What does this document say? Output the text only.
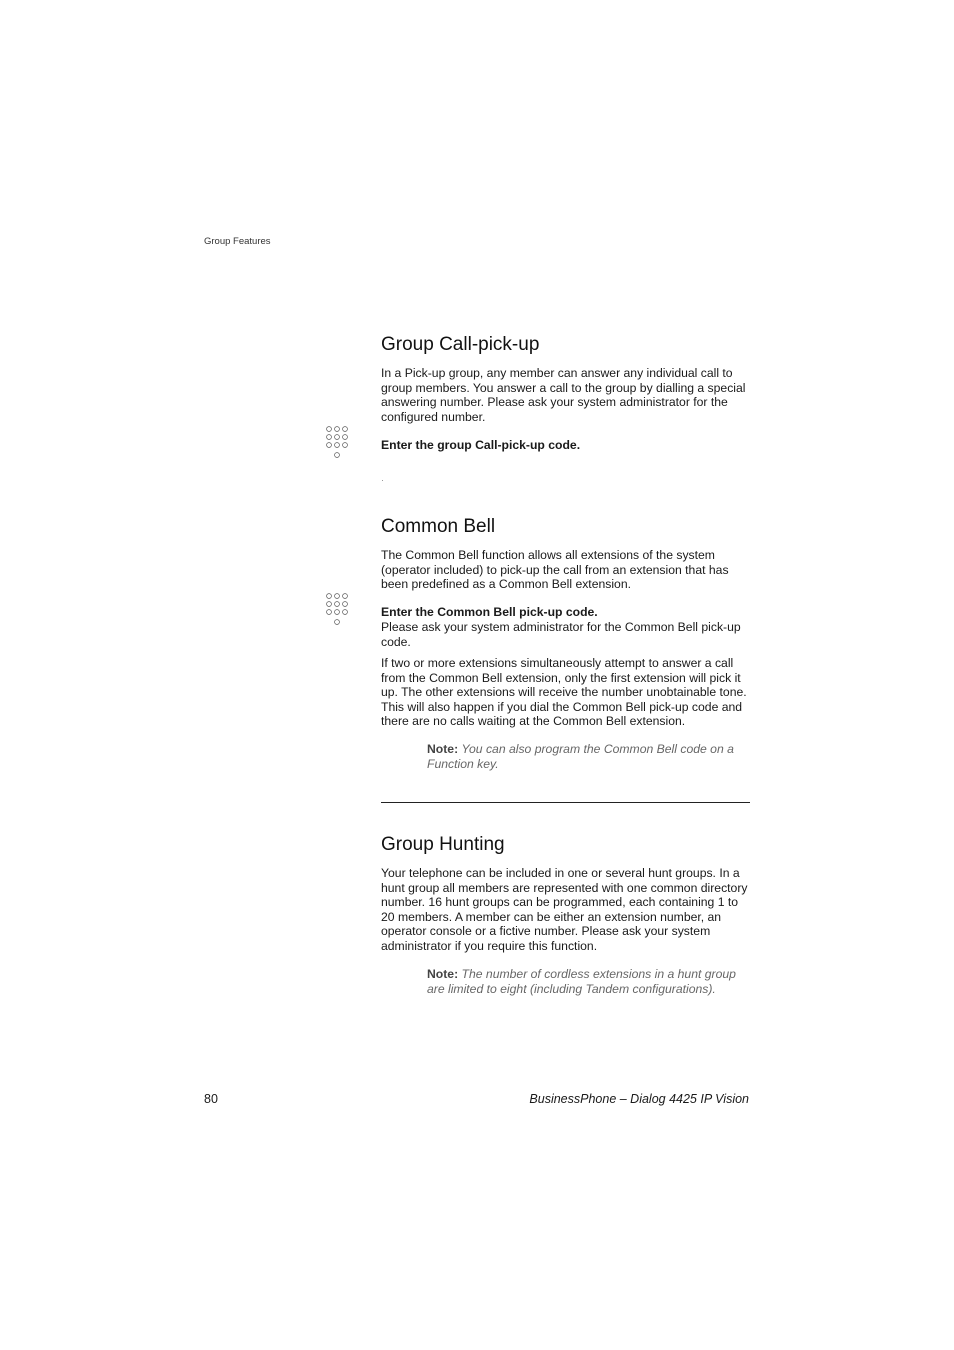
Group Features
Group Call-pick-up

In a Pick-up group, any member can answer any individual call to group members. You answer a call to the group by dialling a special answering number. Please ask your system administrator for the configured number.

Enter the group Call-pick-up code.

Common Bell

The Common Bell function allows all extensions of the system (operator included) to pick-up the call from an extension that has been predefined as a Common Bell extension.

Enter the Common Bell pick-up code.

Please ask your system administrator for the Common Bell pick-up code.

If two or more extensions simultaneously attempt to answer a call from the Common Bell extension, only the first extension will pick it up. The other extensions will receive the number unobtainable tone. This will also happen if you dial the Common Bell pick-up code and there are no calls waiting at the Common Bell extension.

Note: You can also program the Common Bell code on a Function key.

Group Hunting

Your telephone can be included in one or several hunt groups. In a hunt group all members are represented with one common directory number. 16 hunt groups can be programmed, each containing 1 to 20 members. A member can be either an extension number, an operator console or a fictive number. Please ask your system administrator if you require this function.

Note: The number of cordless extensions in a hunt group are limited to eight (including Tandem configurations).

80	BusinessPhone – Dialog 4425 IP Vision
